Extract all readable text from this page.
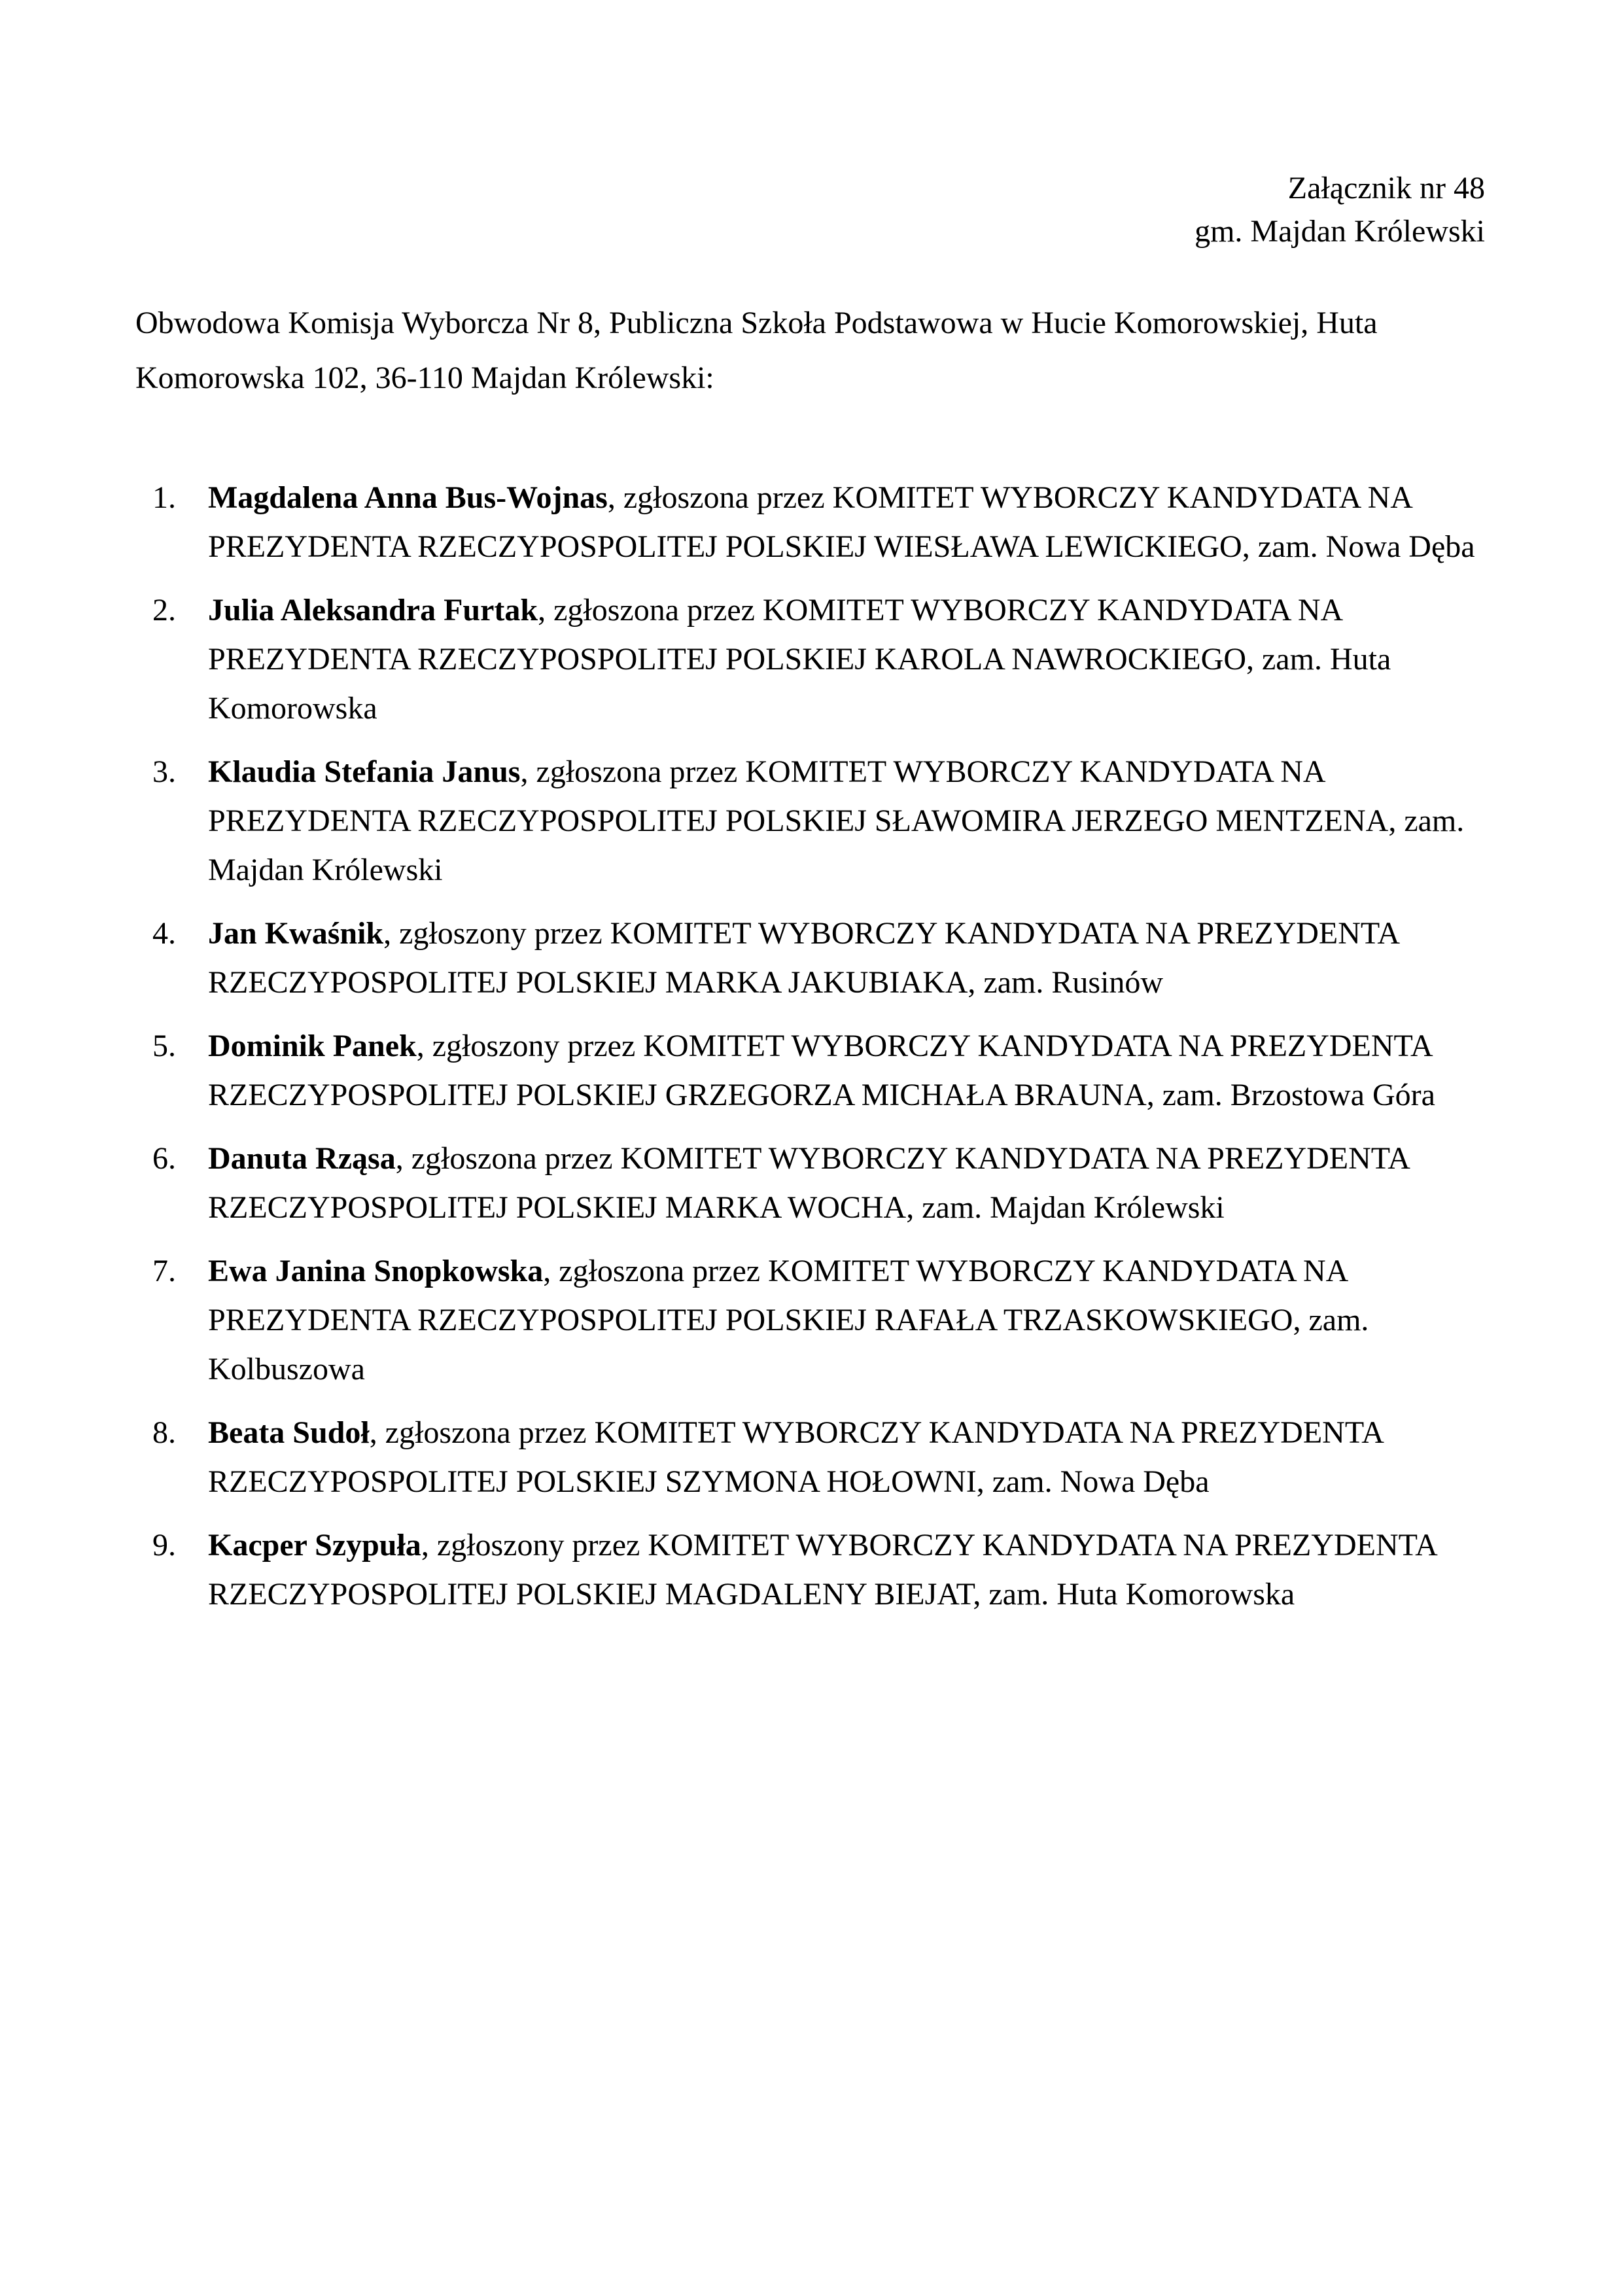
Załącznik nr 48
gm. Majdan Królewski
Obwodowa Komisja Wyborcza Nr 8, Publiczna Szkoła Podstawowa w Hucie Komorowskiej, Huta Komorowska 102, 36-110 Majdan Królewski:
1. Magdalena Anna Bus-Wojnas, zgłoszona przez KOMITET WYBORCZY KANDYDATA NA PREZYDENTA RZECZYPOSPOLITEJ POLSKIEJ WIESŁAWA LEWICKIEGO, zam. Nowa Dęba
2. Julia Aleksandra Furtak, zgłoszona przez KOMITET WYBORCZY KANDYDATA NA PREZYDENTA RZECZYPOSPOLITEJ POLSKIEJ KAROLA NAWROCKIEGO, zam. Huta Komorowska
3. Klaudia Stefania Janus, zgłoszona przez KOMITET WYBORCZY KANDYDATA NA PREZYDENTA RZECZYPOSPOLITEJ POLSKIEJ SŁAWOMIRA JERZEGO MENTZENA, zam. Majdan Królewski
4. Jan Kwaśnik, zgłoszony przez KOMITET WYBORCZY KANDYDATA NA PREZYDENTA RZECZYPOSPOLITEJ POLSKIEJ MARKA JAKUBIAKA, zam. Rusinów
5. Dominik Panek, zgłoszony przez KOMITET WYBORCZY KANDYDATA NA PREZYDENTA RZECZYPOSPOLITEJ POLSKIEJ GRZEGORZA MICHAŁA BRAUNA, zam. Brzostowa Góra
6. Danuta Rząsa, zgłoszona przez KOMITET WYBORCZY KANDYDATA NA PREZYDENTA RZECZYPOSPOLITEJ POLSKIEJ MARKA WOCHA, zam. Majdan Królewski
7. Ewa Janina Snopkowska, zgłoszona przez KOMITET WYBORCZY KANDYDATA NA PREZYDENTA RZECZYPOSPOLITEJ POLSKIEJ RAFAŁA TRZASKOWSKIEGO, zam. Kolbuszowa
8. Beata Sudoł, zgłoszona przez KOMITET WYBORCZY KANDYDATA NA PREZYDENTA RZECZYPOSPOLITEJ POLSKIEJ SZYMONA HOŁOWNI, zam. Nowa Dęba
9. Kacper Szypuła, zgłoszony przez KOMITET WYBORCZY KANDYDATA NA PREZYDENTA RZECZYPOSPOLITEJ POLSKIEJ MAGDALENY BIEJAT, zam. Huta Komorowska
